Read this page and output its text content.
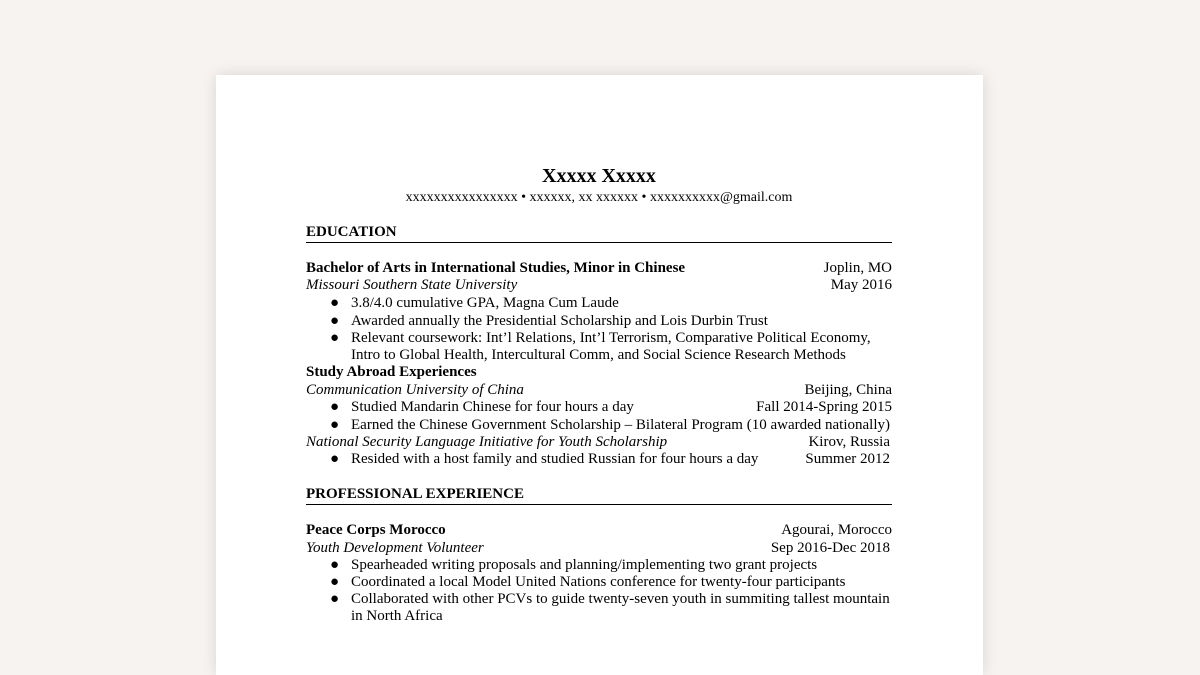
Xxxxx Xxxxx
xxxxxxxxxxxxxxxx • xxxxxx, xx xxxxxx • xxxxxxxxxx@gmail.com
EDUCATION
Bachelor of Arts in International Studies, Minor in Chinese	Joplin, MO
Missouri Southern State University	May 2016
● 3.8/4.0 cumulative GPA, Magna Cum Laude
● Awarded annually the Presidential Scholarship and Lois Durbin Trust
● Relevant coursework: Int’l Relations, Int’l Terrorism, Comparative Political Economy,
Intro to Global Health, Intercultural Comm, and Social Science Research Methods
Study Abroad Experiences
Communication University of China	Beijing, China
● Studied Mandarin Chinese for four hours a day	Fall 2014-Spring 2015
● Earned the Chinese Government Scholarship – Bilateral Program (10 awarded nationally)
National Security Language Initiative for Youth Scholarship	Kirov, Russia
● Resided with a host family and studied Russian for four hours a day	Summer 2012
PROFESSIONAL EXPERIENCE
Peace Corps Morocco	Agourai, Morocco
Youth Development Volunteer	Sep 2016-Dec 2018
● Spearheaded writing proposals and planning/implementing two grant projects
● Coordinated a local Model United Nations conference for twenty-four participants
● Collaborated with other PCVs to guide twenty-seven youth in summiting tallest mountain
in North Africa
